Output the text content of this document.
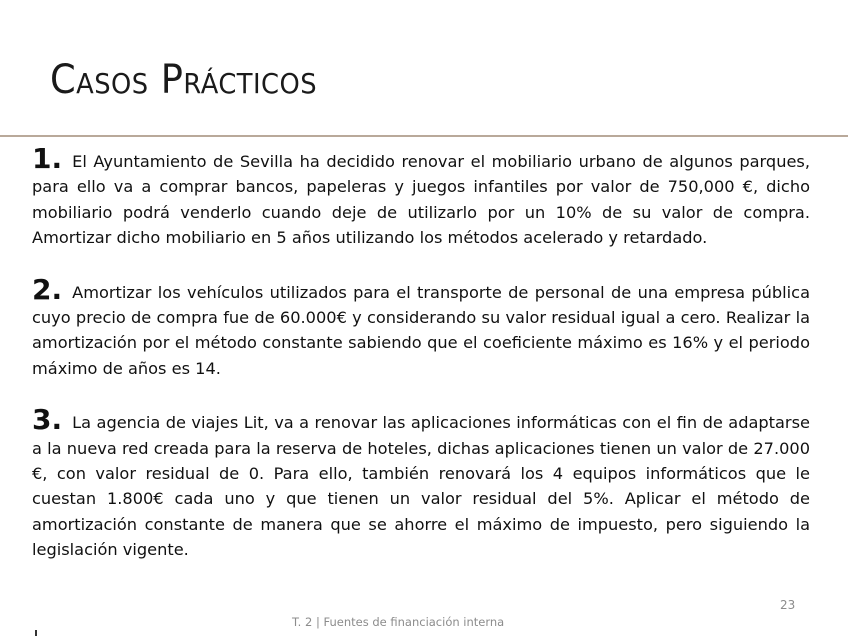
Casos Prácticos

1. El Ayuntamiento de Sevilla ha decidido renovar el mobiliario urbano de algunos parques, para ello va a comprar bancos, papeleras y juegos infantiles por valor de 750,000 €, dicho mobiliario podrá venderlo cuando deje de utilizarlo por un 10% de su valor de compra. Amortizar dicho mobiliario en 5 años utilizando los métodos acelerado y retardado.

2. Amortizar los vehículos utilizados para el transporte de personal de una empresa pública cuyo precio de compra fue de 60.000€ y considerando su valor residual igual a cero. Realizar la amortización por el método constante sabiendo que el coeficiente máximo es 16% y el periodo máximo de años es 14.

3. La agencia de viajes Lit, va a renovar las aplicaciones informáticas con el fin de adaptarse a la nueva red creada para la reserva de hoteles, dichas aplicaciones tienen un valor de 27.000 €, con valor residual de 0. Para ello, también renovará los 4 equipos informáticos que le cuestan 1.800€ cada uno y que tienen un valor residual del 5%. Aplicar el método de amortización constante de manera que se ahorre el máximo de impuesto, pero siguiendo la legislación vigente.

23
T. 2 | Fuentes de financiación interna
